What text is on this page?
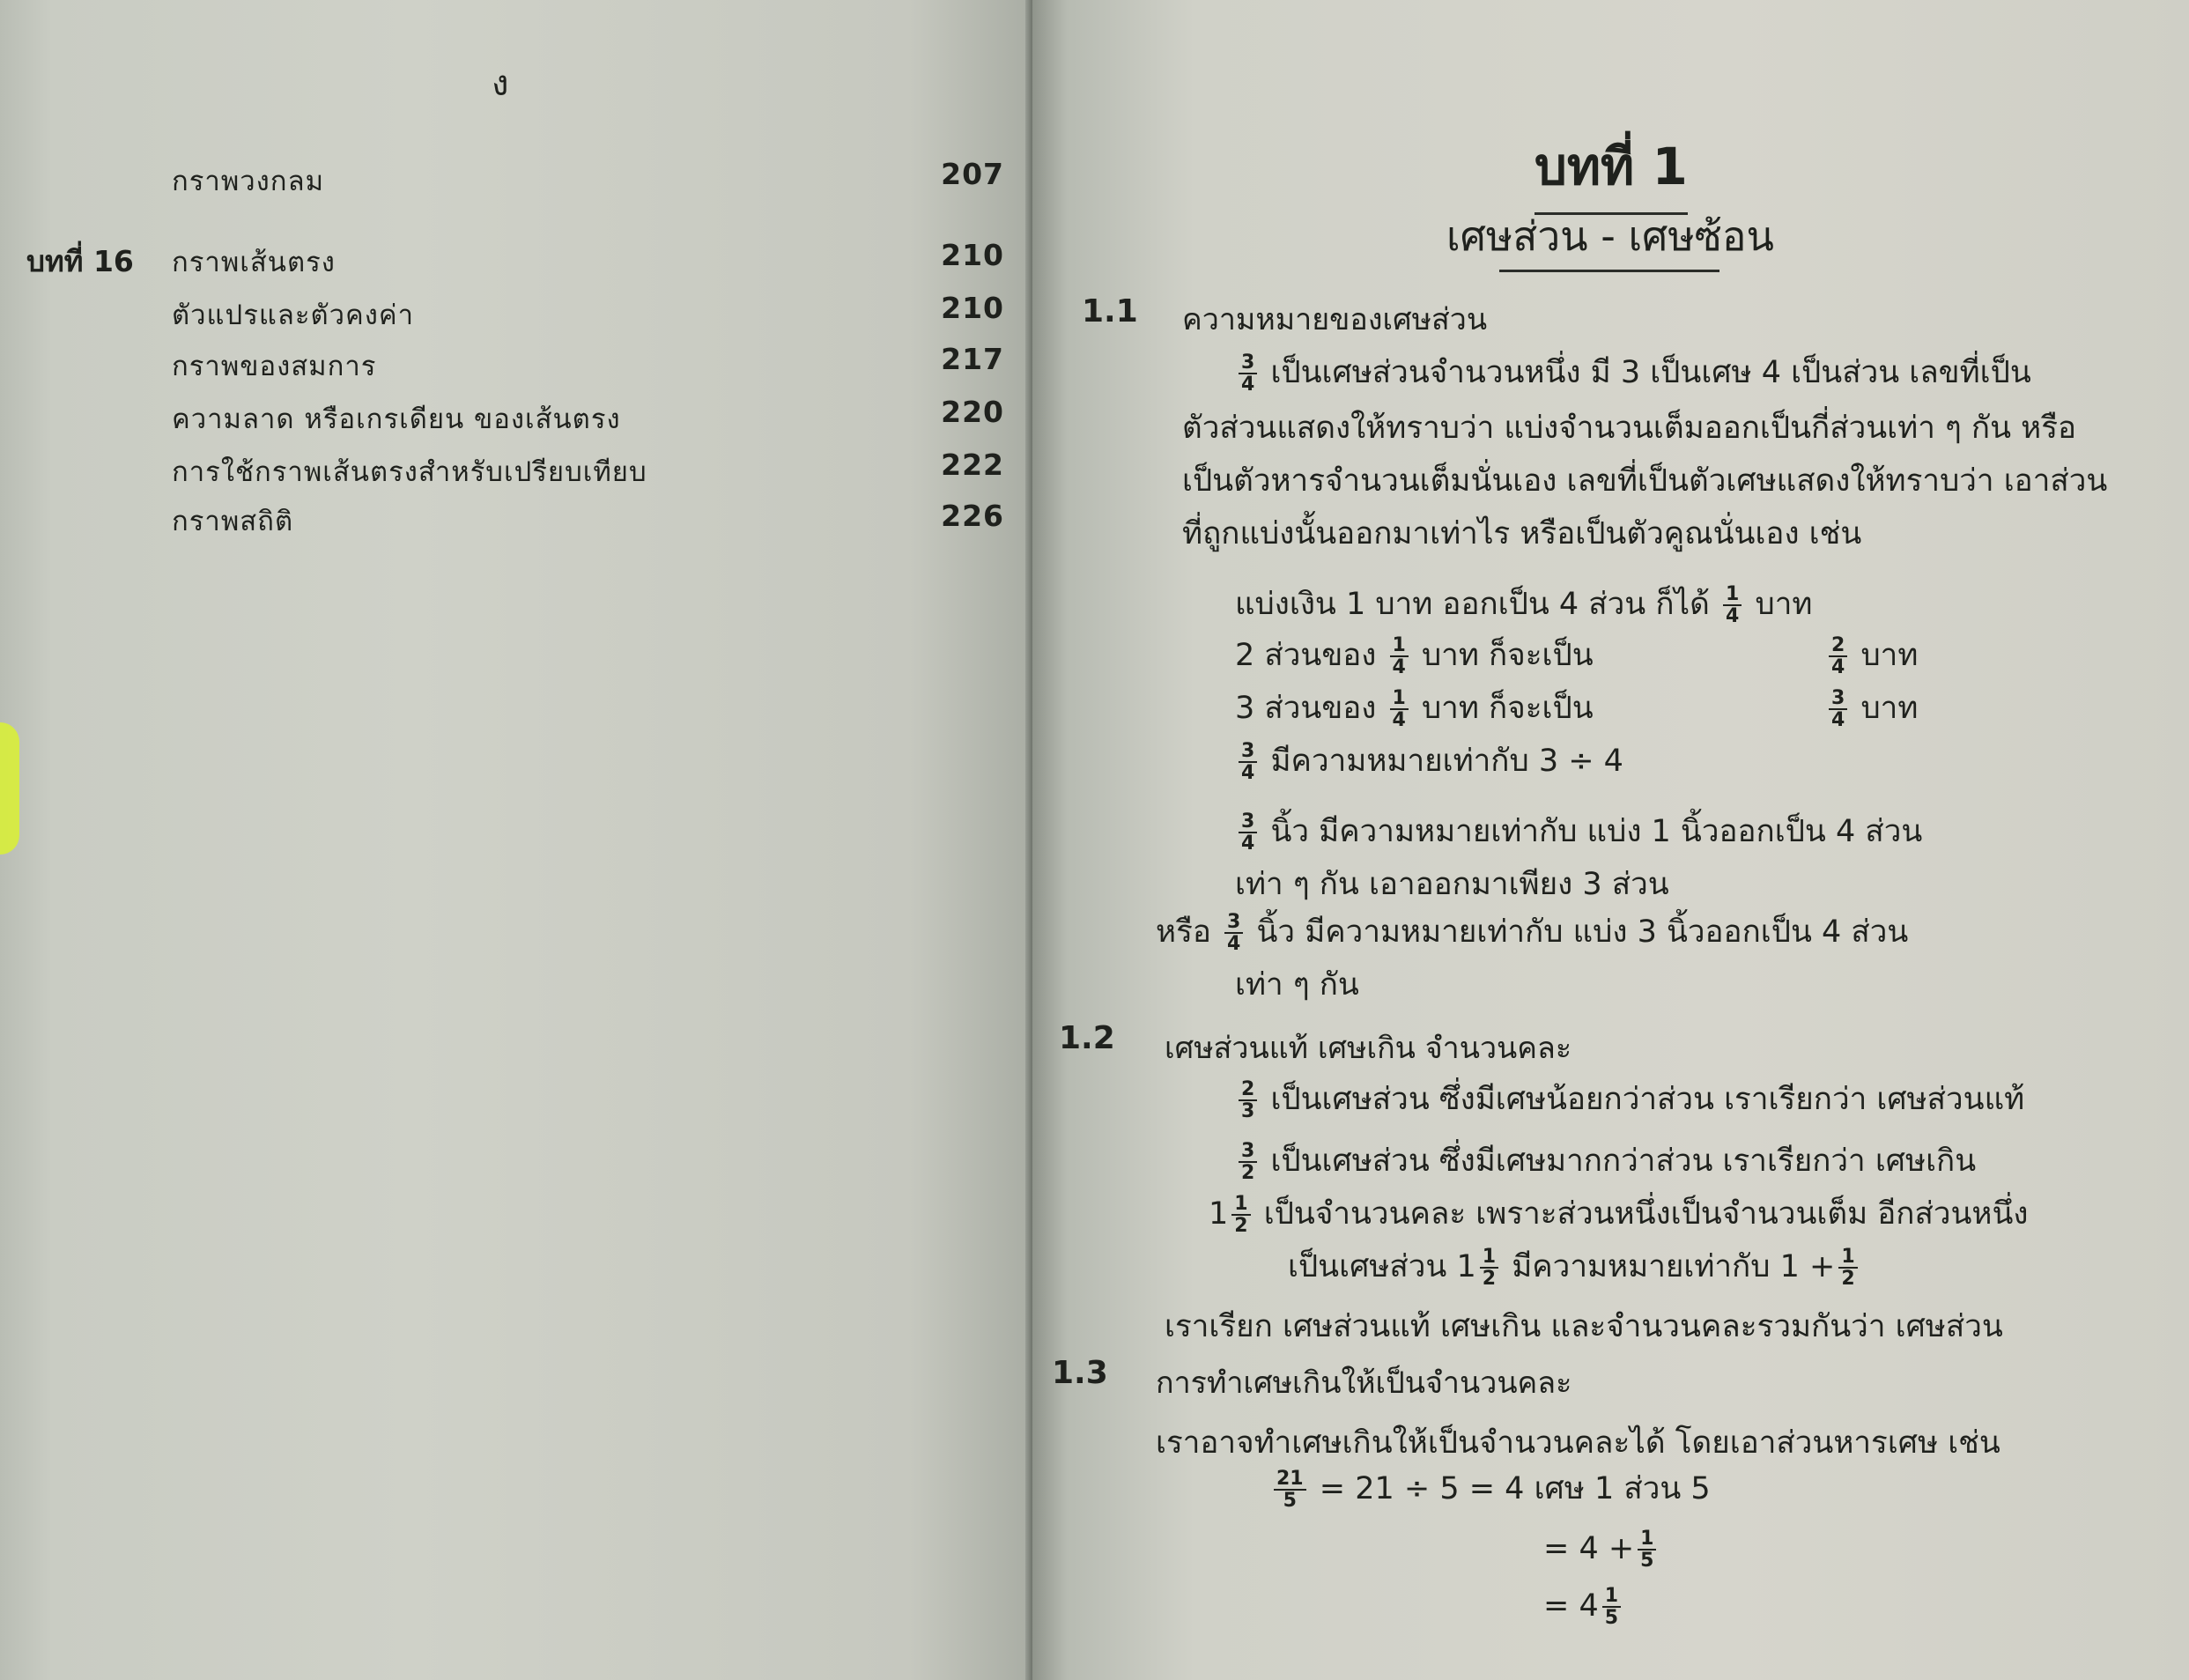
ง
กราพวงกลม	207
บทที่ 16 กราพเส้นตรง	210
ตัวแปรและตัวคงค่า	210
กราพของสมการ	217
ความลาด หรือเกรเดียน ของเส้นตรง	220
การใช้กราพเส้นตรงสำหรับเปรียบเทียบ	222
กราพสถิติ	226
บทที่ 1
เศษส่วน - เศษซ้อน
1.1 ความหมายของเศษส่วน
$\frac{3}{4}$ เป็นเศษส่วนจำนวนหนึ่ง มี 3 เป็นเศษ 4 เป็นส่วน เลขที่เป็น
ตัวส่วนแสดงให้ทราบว่า แบ่งจำนวนเต็มออกเป็นกี่ส่วนเท่า ๆ กัน หรือ
เป็นตัวหารจำนวนเต็มนั่นเอง เลขที่เป็นตัวเศษแสดงให้ทราบว่า เอาส่วน
ที่ถูกแบ่งนั้นออกมาเท่าไร หรือเป็นตัวคูณนั่นเอง เช่น
แบ่งเงิน 1 บาท ออกเป็น 4 ส่วน ก็ได้ $\frac{1}{4}$ บาท
2 ส่วนของ $\frac{1}{4}$ บาท ก็จะเป็น	$\frac{2}{4}$ บาท
3 ส่วนของ $\frac{1}{4}$ บาท ก็จะเป็น	$\frac{3}{4}$ บาท
$\frac{3}{4}$ มีความหมายเท่ากับ 3 ÷ 4
$\frac{3}{4}$ นิ้ว มีความหมายเท่ากับ แบ่ง 1 นิ้วออกเป็น 4 ส่วน
เท่า ๆ กัน เอาออกมาเพียง 3 ส่วน
หรือ $\frac{3}{4}$ นิ้ว มีความหมายเท่ากับ แบ่ง 3 นิ้วออกเป็น 4 ส่วน
เท่า ๆ กัน
1.2 เศษส่วนแท้ เศษเกิน จำนวนคละ
$\frac{2}{3}$ เป็นเศษส่วน ซึ่งมีเศษน้อยกว่าส่วน เราเรียกว่า เศษส่วนแท้
$\frac{3}{2}$ เป็นเศษส่วน ซึ่งมีเศษมากกว่าส่วน เราเรียกว่า เศษเกิน
$1 \frac{1}{2}$ เป็นจำนวนคละ เพราะส่วนหนึ่งเป็นจำนวนเต็ม อีกส่วนหนึ่ง
เป็นเศษส่วน $1 \frac{1}{2}$ มีความหมายเท่ากับ $1 + \frac{1}{2}$
เราเรียก เศษส่วนแท้ เศษเกิน และจำนวนคละรวมกันว่า เศษส่วน
1.3 การทำเศษเกินให้เป็นจำนวนคละ
เราอาจทำเศษเกินให้เป็นจำนวนคละได้ โดยเอาส่วนหารเศษ เช่น
$\frac{21}{5} = 21 \div 5 = 4$ เศษ 1 ส่วน 5
= $4 + \frac{1}{5}$
= $4 \frac{1}{5}$
